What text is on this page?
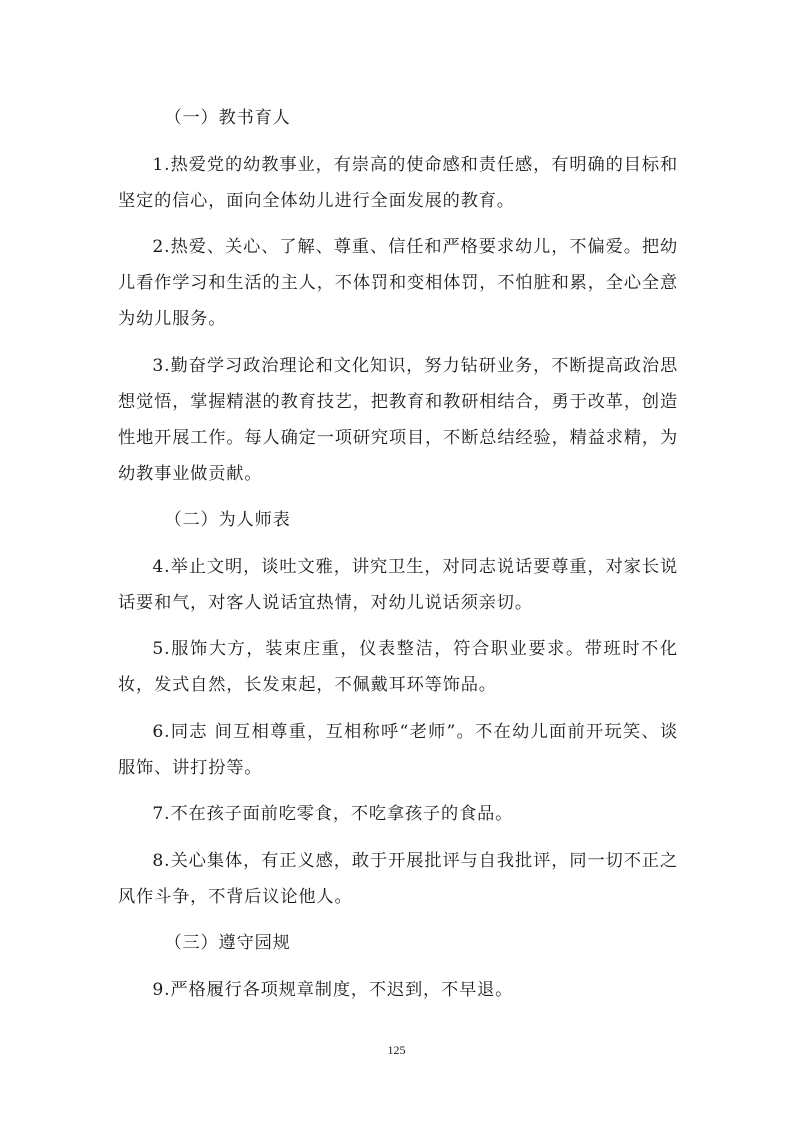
（一）教书育人

1.热爱党的幼教事业，有崇高的使命感和责任感，有明确的目标和坚定的信心，面向全体幼儿进行全面发展的教育。

2.热爱、关心、了解、尊重、信任和严格要求幼儿，不偏爱。把幼儿看作学习和生活的主人，不体罚和变相体罚，不怕脏和累，全心全意为幼儿服务。

3.勤奋学习政治理论和文化知识，努力钻研业务，不断提高政治思想觉悟，掌握精湛的教育技艺，把教育和教研相结合，勇于改革，创造性地开展工作。每人确定一项研究项目，不断总结经验，精益求精，为幼教事业做贡献。

（二）为人师表

4.举止文明，谈吐文雅，讲究卫生，对同志说话要尊重，对家长说话要和气，对客人说话宜热情，对幼儿说话须亲切。

5.服饰大方，装束庄重，仪表整洁，符合职业要求。带班时不化妆，发式自然，长发束起，不佩戴耳环等饰品。

6.同志 间互相尊重，互相称呼“老师”。不在幼儿面前开玩笑、谈服饰、讲打扮等。

7.不在孩子面前吃零食，不吃拿孩子的食品。

8.关心集体，有正义感，敢于开展批评与自我批评，同一切不正之风作斗争，不背后议论他人。

（三）遵守园规

9.严格履行各项规章制度，不迟到，不早退。

125
